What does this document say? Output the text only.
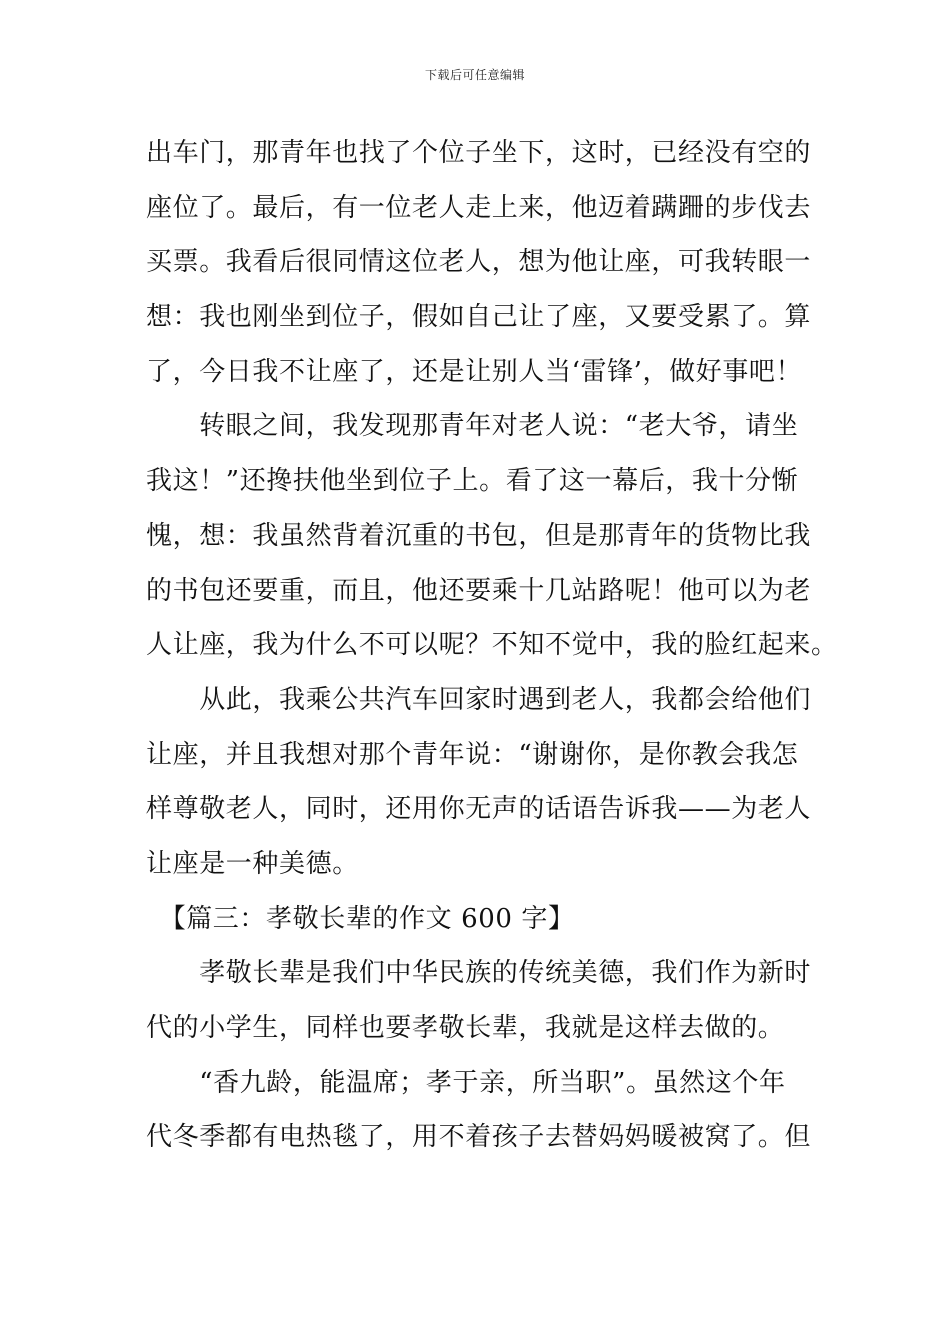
下载后可任意编辑
出车门，那青年也找了个位子坐下，这时，已经没有空的
座位了。最后，有一位老人走上来，他迈着蹒跚的步伐去
买票。我看后很同情这位老人，想为他让座，可我转眼一
想：我也刚坐到位子，假如自己让了座，又要受累了。算
了，今日我不让座了，还是让别人当‘雷锋’，做好事吧！
　　转眼之间，我发现那青年对老人说：“老大爷，请坐
我这！”还搀扶他坐到位子上。看了这一幕后，我十分惭
愧，想：我虽然背着沉重的书包，但是那青年的货物比我
的书包还要重，而且，他还要乘十几站路呢！他可以为老
人让座，我为什么不可以呢？不知不觉中，我的脸红起来。
　　从此，我乘公共汽车回家时遇到老人，我都会给他们
让座，并且我想对那个青年说：“谢谢你，是你教会我怎
样尊敬老人，同时，还用你无声的话语告诉我——为老人
让座是一种美德。
　【篇三：孝敬长辈的作文 600 字】
　　孝敬长辈是我们中华民族的传统美德，我们作为新时
代的小学生，同样也要孝敬长辈，我就是这样去做的。
　　“香九龄，能温席；孝于亲，所当职”。虽然这个年
代冬季都有电热毯了，用不着孩子去替妈妈暖被窝了。但
